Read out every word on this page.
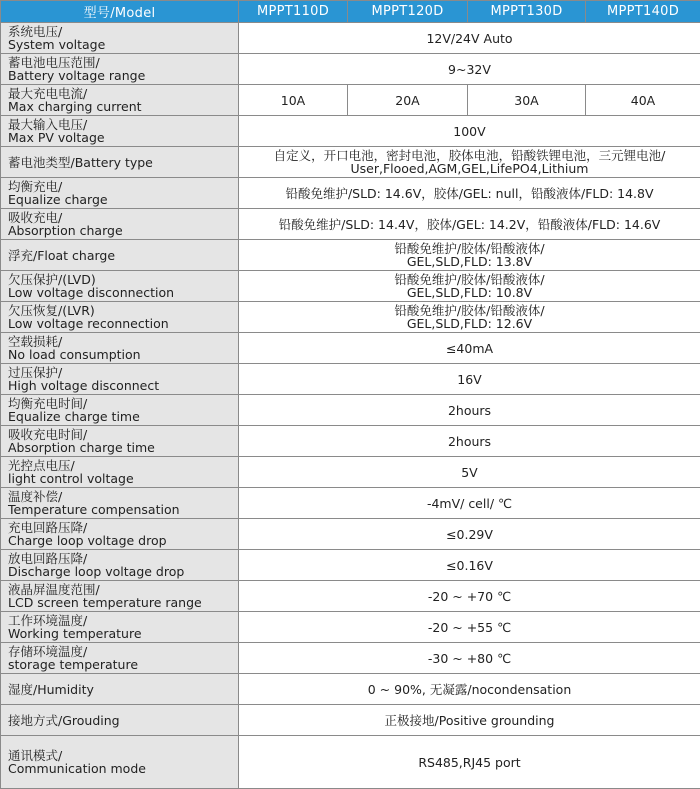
型号/Model	MPPT110D	MPPT120D	MPPT130D	MPPT140D

系统电压/
System voltage	12V/24V Auto			

蓄电池电压范围/
Battery voltage range	9~32V			

最大充电电流/
Max charging current	10A	20A	30A	40A

最大输入电压/
Max PV voltage	100V			

蓄电池类型/Battery type	自定义，开口电池，密封电池，胶体电池，铅酸铁锂电池，三元锂电池/
User,Flooed,AGM,GEL,LifePO4,Lithium			

均衡充电/
Equalize charge	铅酸免维护/SLD: 14.6V，胶体/GEL: null，铅酸液体/FLD: 14.8V			

吸收充电/
Absorption charge	铅酸免维护/SLD: 14.4V，胶体/GEL: 14.2V，铅酸液体/FLD: 14.6V			

浮充/Float charge	铅酸免维护/胶体/铅酸液体/
GEL,SLD,FLD: 13.8V			

欠压保护/(LVD)
Low voltage disconnection	铅酸免维护/胶体/铅酸液体/
GEL,SLD,FLD: 10.8V			

欠压恢复/(LVR)
Low voltage reconnection	铅酸免维护/胶体/铅酸液体/
GEL,SLD,FLD: 12.6V			

空载损耗/
No load consumption	≤40mA			

过压保护/
High voltage disconnect	16V			

均衡充电时间/
Equalize charge time	2hours			

吸收充电时间/
Absorption charge time	2hours			

光控点电压/
light control voltage	5V			

温度补偿/
Temperature compensation	-4mV/ cell/ ℃			

充电回路压降/
Charge loop voltage drop	≤0.29V			

放电回路压降/
Discharge loop voltage drop	≤0.16V			

液晶屏温度范围/
LCD screen temperature range	-20 ~ +70 ℃			

工作环境温度/
Working temperature	-20 ~ +55 ℃			

存储环境温度/
storage temperature	-30 ~ +80 ℃			

湿度/Humidity	0 ~ 90%, 无凝露/nocondensation			

接地方式/Grouding	正极接地/Positive grounding			

通讯模式/
Communication mode	RS485,RJ45 port			
